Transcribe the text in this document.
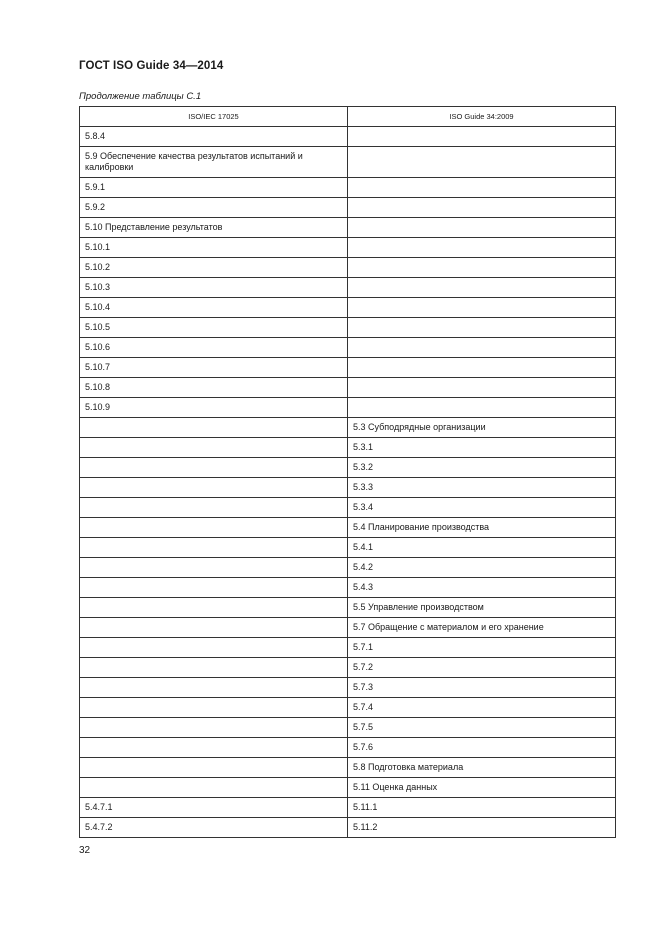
ГОСТ ISO Guide 34—2014
Продолжение таблицы С.1
ISO/IEC 17025	ISO Guide 34:2009
5.8.4	
5.9 Обеспечение качества результатов испытаний и калибровки	
5.9.1	
5.9.2	
5.10 Представление результатов	
5.10.1	
5.10.2	
5.10.3	
5.10.4	
5.10.5	
5.10.6	
5.10.7	
5.10.8	
5.10.9	
	5.3 Субподрядные организации
	5.3.1
	5.3.2
	5.3.3
	5.3.4
	5.4 Планирование производства
	5.4.1
	5.4.2
	5.4.3
	5.5 Управление производством
	5.7 Обращение с материалом и его хранение
	5.7.1
	5.7.2
	5.7.3
	5.7.4
	5.7.5
	5.7.6
	5.8 Подготовка материала
	5.11 Оценка данных
5.4.7.1	5.11.1
5.4.7.2	5.11.2
32
